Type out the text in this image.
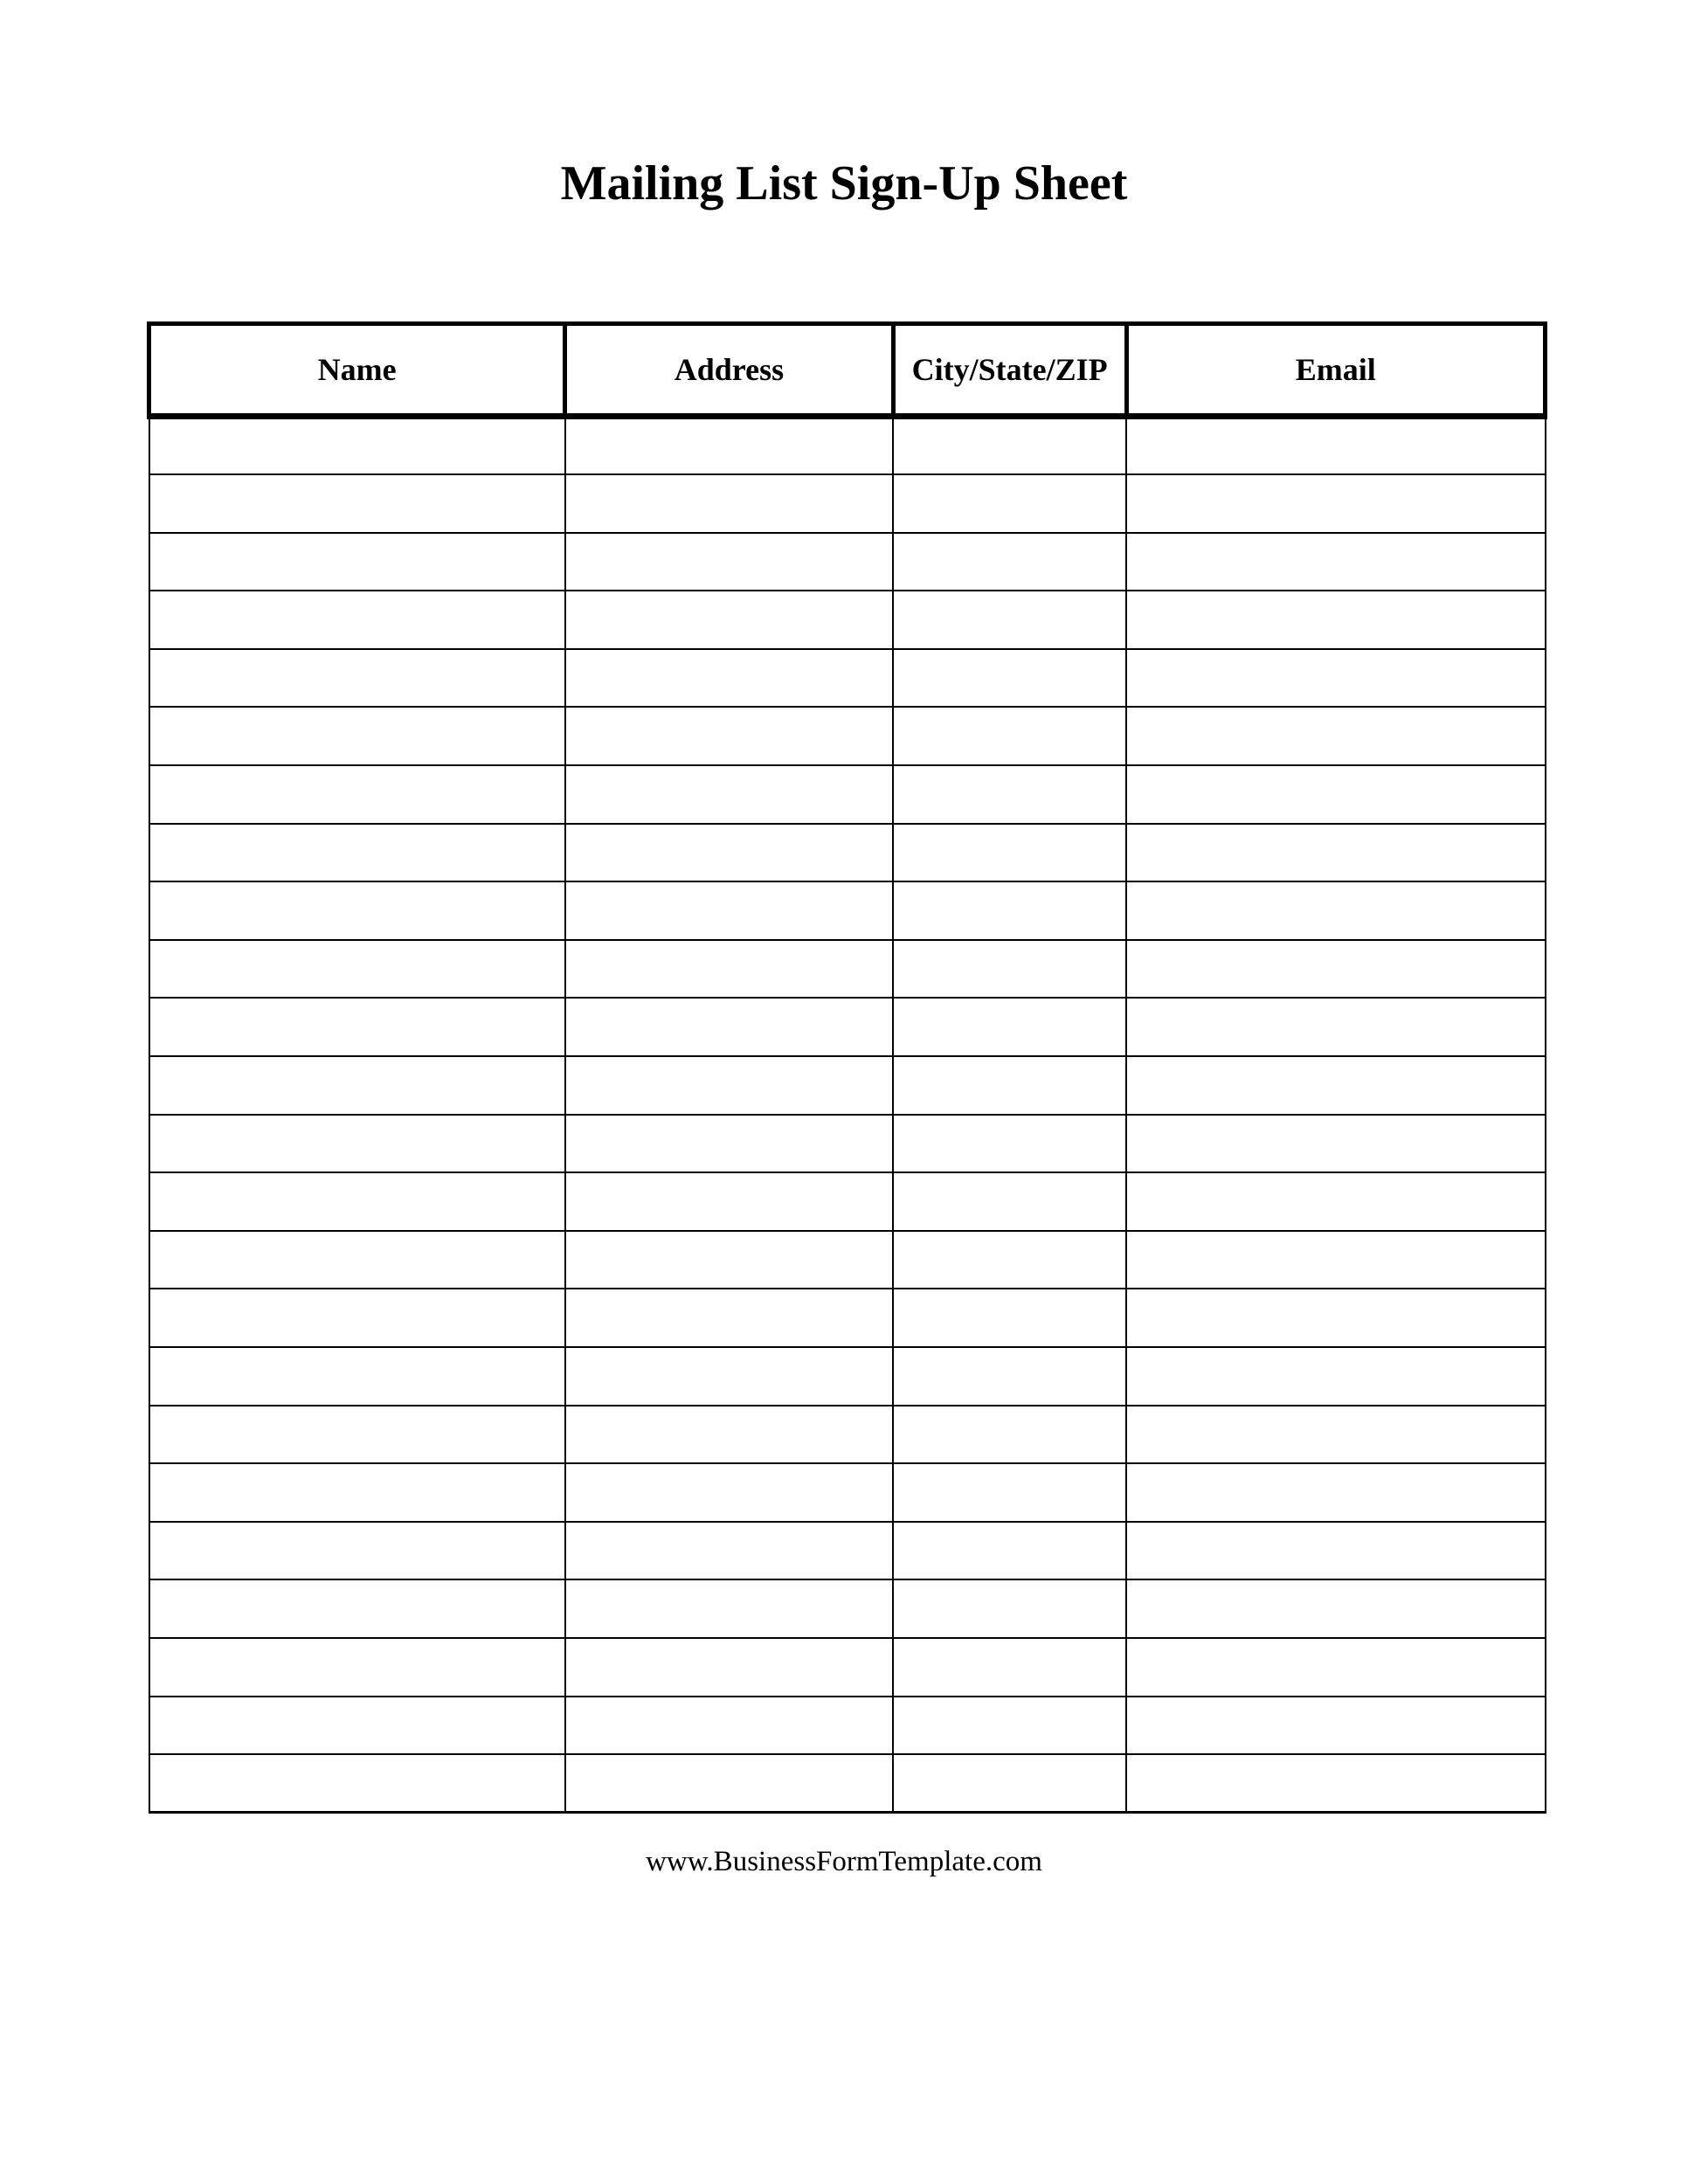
Mailing List Sign-Up Sheet
Name	Address	City/State/ZIP	Email

www.BusinessFormTemplate.com
